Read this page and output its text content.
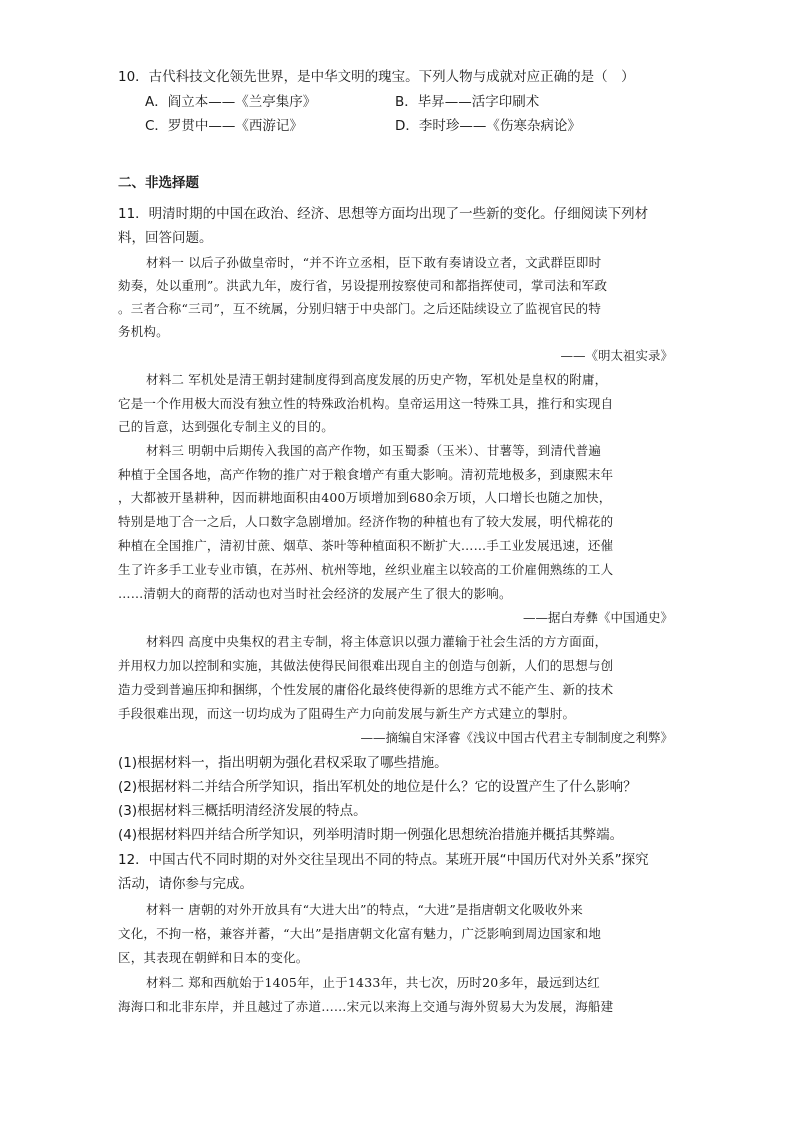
10．古代科技文化领先世界，是中华文明的瑰宝。下列人物与成就对应正确的是（　）
A．阎立本——《兰亭集序》	B．毕昇——活字印刷术
C．罗贯中——《西游记》	D．李时珍——《伤寒杂病论》
二、非选择题
11．明清时期的中国在政治、经济、思想等方面均出现了一些新的变化。仔细阅读下列材
料，回答问题。
材料一 以后子孙做皇帝时，“并不许立丞相，臣下敢有奏请设立者，文武群臣即时
劾奏，处以重刑”。洪武九年，废行省，另设提刑按察使司和都指挥使司，掌司法和军政
。三者合称“三司”，互不统属，分别归辖于中央部门。之后还陆续设立了监视官民的特
务机构。
——《明太祖实录》
材料二 军机处是清王朝封建制度得到高度发展的历史产物，军机处是皇权的附庸，
它是一个作用极大而没有独立性的特殊政治机构。皇帝运用这一特殊工具，推行和实现自
己的旨意，达到强化专制主义的目的。
材料三 明朝中后期传入我国的高产作物，如玉蜀黍（玉米）、甘薯等，到清代普遍
种植于全国各地，高产作物的推广对于粮食增产有重大影响。清初荒地极多，到康熙末年
，大都被开垦耕种，因而耕地面积由400万顷增加到680余万顷，人口增长也随之加快，
特别是地丁合一之后，人口数字急剧增加。经济作物的种植也有了较大发展，明代棉花的
种植在全国推广，清初甘蔗、烟草、茶叶等种植面积不断扩大……手工业发展迅速，还催
生了许多手工业专业市镇，在苏州、杭州等地，丝织业雇主以较高的工价雇佣熟练的工人
……清朝大的商帮的活动也对当时社会经济的发展产生了很大的影响。
——据白寿彝《中国通史》
材料四 高度中央集权的君主专制，将主体意识以强力灌输于社会生活的方方面面，
并用权力加以控制和实施，其做法使得民间很难出现自主的创造与创新，人们的思想与创
造力受到普遍压抑和捆绑，个性发展的庸俗化最终使得新的思维方式不能产生、新的技术
手段很难出现，而这一切均成为了阻碍生产力向前发展与新生产方式建立的掣肘。
——摘编自宋泽睿《浅议中国古代君主专制制度之利弊》
(1)根据材料一，指出明朝为强化君权采取了哪些措施。
(2)根据材料二并结合所学知识，指出军机处的地位是什么？它的设置产生了什么影响？
(3)根据材料三概括明清经济发展的特点。
(4)根据材料四并结合所学知识，列举明清时期一例强化思想统治措施并概括其弊端。
12．中国古代不同时期的对外交往呈现出不同的特点。某班开展“中国历代对外关系”探究
活动，请你参与完成。
材料一 唐朝的对外开放具有“大进大出”的特点，“大进”是指唐朝文化吸收外来
文化，不拘一格，兼容并蓄，“大出”是指唐朝文化富有魅力，广泛影响到周边国家和地
区，其表现在朝鲜和日本的变化。
材料二 郑和西航始于1405年，止于1433年，共七次，历时20多年，最远到达红
海海口和北非东岸，并且越过了赤道……宋元以来海上交通与海外贸易大为发展，海船建
